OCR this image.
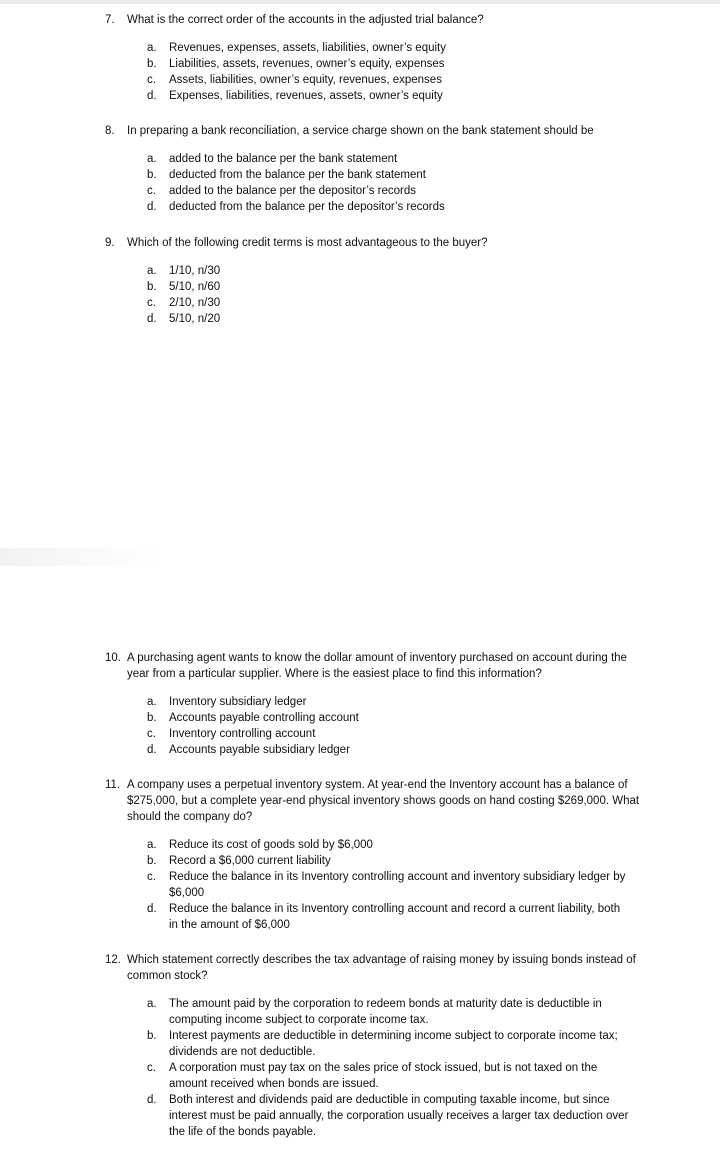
7.	What is the correct order of the accounts in the adjusted trial balance?
a.	Revenues, expenses, assets, liabilities, owner’s equity
b.	Liabilities, assets, revenues, owner’s equity, expenses
c.	Assets, liabilities, owner’s equity, revenues, expenses
d.	Expenses, liabilities, revenues, assets, owner’s equity
8.	In preparing a bank reconciliation, a service charge shown on the bank statement should be
a.	added to the balance per the bank statement
b.	deducted from the balance per the bank statement
c.	added to the balance per the depositor’s records
d.	deducted from the balance per the depositor’s records
9.	Which of the following credit terms is most advantageous to the buyer?
a.	1/10, n/30
b.	5/10, n/60
c.	2/10, n/30
d.	5/10, n/20
10. A purchasing agent wants to know the dollar amount of inventory purchased on account during the year from a particular supplier. Where is the easiest place to find this information?
a.	Inventory subsidiary ledger
b.	Accounts payable controlling account
c.	Inventory controlling account
d.	Accounts payable subsidiary ledger
11. A company uses a perpetual inventory system. At year-end the Inventory account has a balance of $275,000, but a complete year-end physical inventory shows goods on hand costing $269,000. What should the company do?
a.	Reduce its cost of goods sold by $6,000
b.	Record a $6,000 current liability
c.	Reduce the balance in its Inventory controlling account and inventory subsidiary ledger by $6,000
d.	Reduce the balance in its Inventory controlling account and record a current liability, both in the amount of $6,000
12. Which statement correctly describes the tax advantage of raising money by issuing bonds instead of common stock?
a.	The amount paid by the corporation to redeem bonds at maturity date is deductible in computing income subject to corporate income tax.
b.	Interest payments are deductible in determining income subject to corporate income tax; dividends are not deductible.
c.	A corporation must pay tax on the sales price of stock issued, but is not taxed on the amount received when bonds are issued.
d.	Both interest and dividends paid are deductible in computing taxable income, but since interest must be paid annually, the corporation usually receives a larger tax deduction over the life of the bonds payable.
